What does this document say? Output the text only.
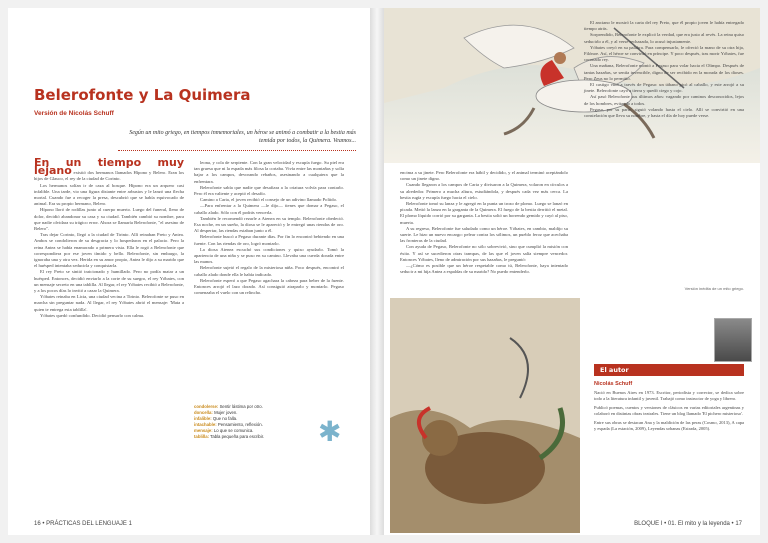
Belerofonte y La Quimera
Versión de Nicolás Schuff
Según un mito griego, en tiempos inmemoriales, un héroe se animó a combatir a la bestia más temida por todos, la Quimera. Veamos...

En un tiempo muy lejano existió dos hermanos llamados Hípono y Belero. Eran los hijos de Glauco, el rey de la ciudad de Corinto.

Los hermanos solían ir de caza al bosque. Hípono era un arquero casi infalible. Una tarde, vio una figura distante entre arbustos y le lanzó una flecha mortal. Cuando fue a recoger la presa, descubrió que se había equivocado de animal. Era su propio hermano, Belero.

Hípono lloró de rodillas junto al cuerpo muerto. Luego del funeral, lleno de dolor, decidió abandonar su casa y su ciudad. También cambió su nombre, para que nadie olvidara su trágico error. Ahora se llamaría Belerofonte, "el asesino de Belero".

Tras dejar Corinto, llegó a la ciudad de Tirinto. Allí reinaban Preto y Antea. Ambos se condolieron de su desgracia y lo hospedaron en el palacio. Pero la reina Antea se había enamorado a primera vista. Ella le rogó a Belerofonte que correspondiera por ese joven tímido y bello. Belerofonte, sin embargo, la ignoraba una y otra vez. Herida en su amor propio, Antea le dijo a su marido que el huésped intentaba seducirla y conquistarla.

El rey Preto se sintió traicionado y humillado. Pero no podía matar a un huésped. Entonces, decidió enviarlo a la corte de su suegro, el rey Yóbates, con un mensaje secreto en una tablilla. Al llegar, el rey Yóbates recibió a Belerofonte, y a los pocos días lo invitó a cazar la Quimera.

Yóbates reinaba en Licia, una ciudad vecina a Tirinto. Belerofonte se puso en marcha sin preguntar nada. Al llegar, el rey Yóbates abrió el mensaje: 'Mata a quien te entrega esta tablilla'.

Yóbates quedó confundido. Decidió pensarlo con calma.

leona, y cola de serpiente. Con la gran velocidad y escupía fuego. Su piel era tan gruesa que ni la espada más filosa la cortaba. Vivía entre las montañas y solía bajar a los campos, devorando rebaños, asesinando a cualquiera que la enfrentara.

Belerofonte sabía que nadie que desafiara a la criatura volvía para contarlo. Pero él era valiente y aceptó el desafío.

Camino a Caria, el joven recibió el consejo de un adivino llamado Poliido.

—Para enfrentar a la Quimera —le dijo— tienes que domar a Pegaso, el caballo alado. Sólo con él podrás vencerla.

También le recomendó rezarle a Atenea en su templo. Belerofonte obedeció. Esa noche, en un sueño, la diosa se le apareció y le entregó unas riendas de oro. Al despertar, las riendas estaban junto a él.

Belerofonte buscó a Pegaso durante días. Por fin lo encontró bebiendo en una fuente. Con las riendas de oro, logró montarlo.

La diosa Atenea escuchó sus condiciones y quiso ayudarlo. Tomó la apariencia de una niña y se puso en su camino. Llevaba una cuerda dorada entre las manos.

Belerofonte sujetó el regalo de la misteriosa niña. Poco después, encontró el caballo alado donde ella le había indicado.

Belerofonte esperó a que Pegaso agachara la cabeza para beber de la fuente. Entonces arrojó el lazo dorado. Así consiguió atraparlo y montarlo. Pegaso comenzaba el vuelo con un relincho.

condolerse: Sentir lástima por otro.
doncella: Mujer joven.
infalible: Que no falla.
intachable: Pensamiento, reflexión.
mensaje: Lo que se comunica.
tablilla: Tabla pequeña para escribir.	✱
16 • PRÁCTICAS DEL LENGUAJE 1

encima a su jinete. Pero Belerofonte era hábil y decidido, y el animal terminó aceptándolo como un jinete digno.

Cuando llegaron a los campos de Caria y divisaron a la Quimera, volaron en círculos a su alrededor. Primero a mucha altura, estudiándola, y después cada vez más cerca. La bestia rugía y escupía fuego hacia el cielo.

Belerofonte tomó su lanza y le agregó en la punta un trozo de plomo. Luego se lanzó en picada. Metió la lanza en la garganta de la Quimera. El fuego de la bestia derritió el metal. El plomo líquido corrió por su garganta. La bestia soltó un horrendo gemido y cayó al piso, muerta.

A su regreso, Belerofonte fue saludado como un héroe. Yóbates, en cambio, maldijo su suerte. Le hizo un nuevo encargo: pelear contra los sólimos, un pueblo feroz que acechaba las fronteras de la ciudad.

Con ayuda de Pegaso, Belerofonte no sólo sobrevivió, sino que cumplió la misión con éxito. Y así se sucedieron otras trampas, de las que el joven salía siempre vencedor. Entonces Yóbates, lleno de admiración por sus hazañas, le preguntó:

—¿Cómo es posible que un héroe respetable como tú, Belerofonte, haya intentado seducir a mi hija Antea a espaldas de su marido? No puedo entenderlo.

El anciano le mostró la carta del rey Preto, que él propio joven le había entregado tiempo atrás.

Sorprendido, Belerofonte le explicó la verdad, que era justo al revés. La reina quiso seducirlo a él, y al verse rechazada, lo acusó injustamente.

Yóbates creyó en su palabra. Para compensarlo, le ofreció la mano de su otra hija, Filónoe. Así, el héroe se convirtió en príncipe. Y poco después, tras morir Yóbates, fue coronado rey.

Una mañana, Belerofonte montó a Pegaso para volar hacia el Olimpo. Después de tantas hazañas, se sentía invencible, digno de ser recibido en la morada de los dioses. Pero Zeus no lo permitió.

El castigo vino a través de Pegaso: un tábano picó al caballo, y este arrojó a su jinete. Belerofonte cayó a tierra y quedó ciego y cojo.

Así pasó Belerofonte sus últimos años: vagando por caminos desconocidos, lejos de los hombres, evitando a todos.

Pegaso, por su parte, siguió volando hasta el cielo. Allí se convirtió en una constelación que lleva su nombre, y hasta el día de hoy puede verse.

Versión inédita de un mito griego.
El autor
Nicolás Schuff

Nació en Buenos Aires en 1973. Escritor, periodista y corrector, se dedica sobre todo a la literatura infantil y juvenil. Trabajó como instructor de yoga y librero.

Publicó poemas, cuentos y versiones de clásicos en varias editoriales argentinas y colaboró en distintas obras teatrales. Tiene un blog llamado 'El pichero misterioso'.

Entre sus obras se destacan Ana y la maldición de las peras (Cosmo, 2013), A capa y espada (La estación, 2009), Leyendas urbanas (Estrada, 2005).

BLOQUE I • 01. El mito y la leyenda • 17
